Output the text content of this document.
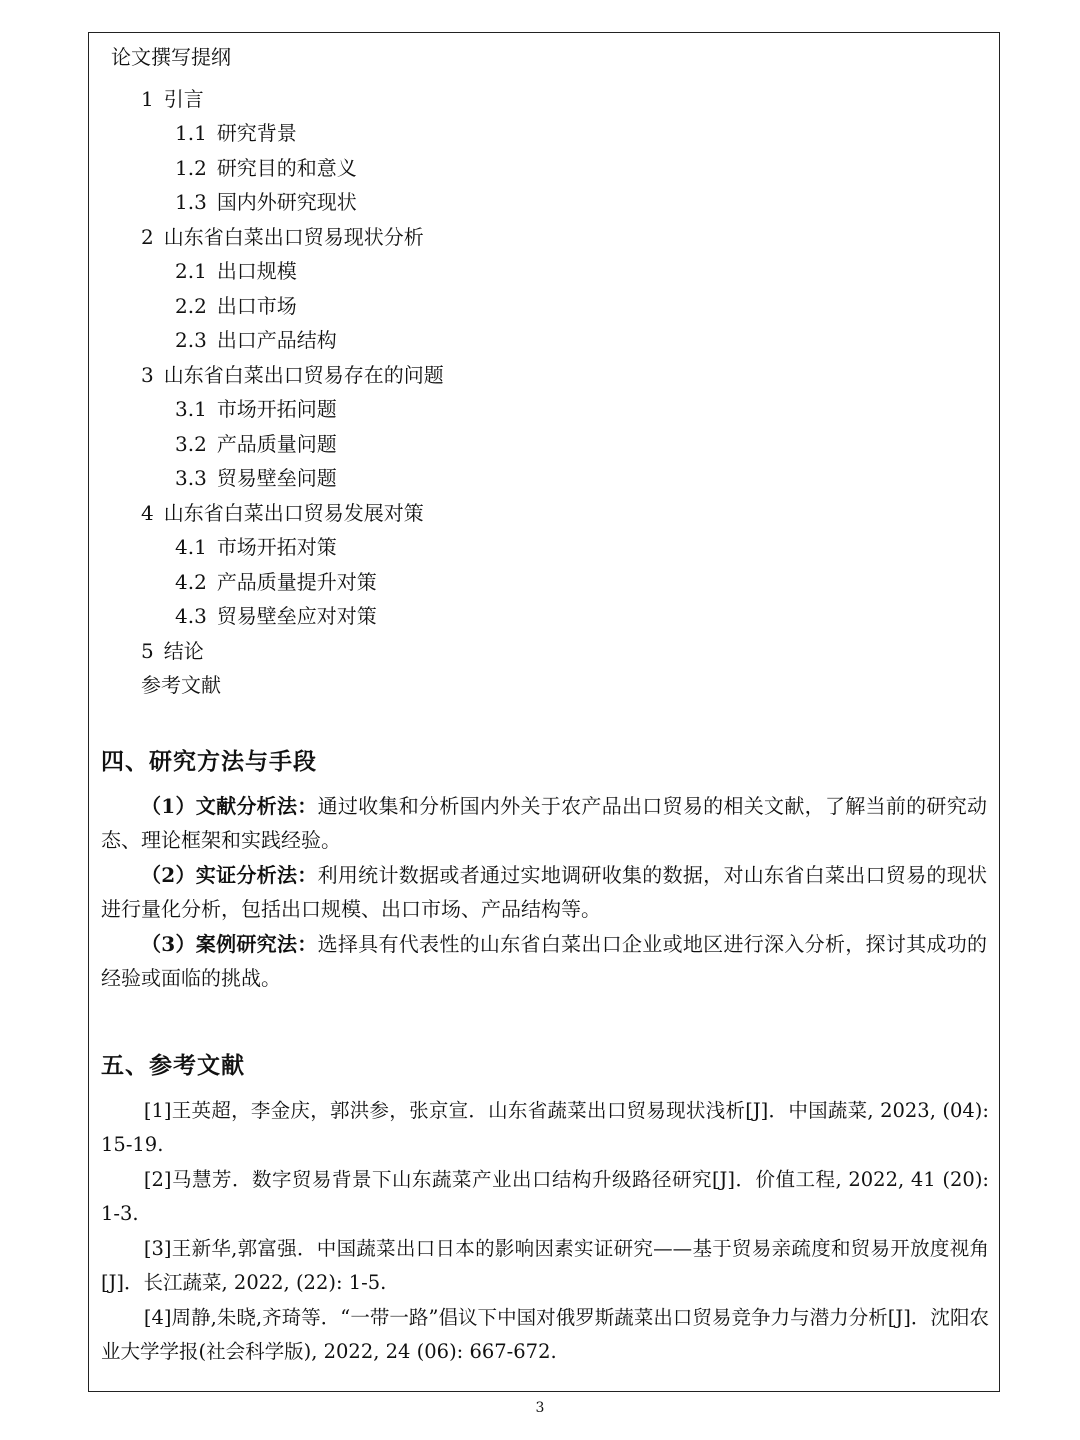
论文撰写提纲
1 引言
1.1 研究背景
1.2 研究目的和意义
1.3 国内外研究现状
2 山东省白菜出口贸易现状分析
2.1 出口规模
2.2 出口市场
2.3 出口产品结构
3 山东省白菜出口贸易存在的问题
3.1 市场开拓问题
3.2 产品质量问题
3.3 贸易壁垒问题
4 山东省白菜出口贸易发展对策
4.1 市场开拓对策
4.2 产品质量提升对策
4.3 贸易壁垒应对对策
5 结论
参考文献
四、研究方法与手段
（1）文献分析法：通过收集和分析国内外关于农产品出口贸易的相关文献，了解当前的研究动态、理论框架和实践经验。
（2）实证分析法：利用统计数据或者通过实地调研收集的数据，对山东省白菜出口贸易的现状进行量化分析，包括出口规模、出口市场、产品结构等。
（3）案例研究法：选择具有代表性的山东省白菜出口企业或地区进行深入分析，探讨其成功的经验或面临的挑战。
五、参考文献
[1]王英超，李金庆，郭洪参，张京宣．山东省蔬菜出口贸易现状浅析[J]．中国蔬菜, 2023, (04): 15-19.
[2]马慧芳．数字贸易背景下山东蔬菜产业出口结构升级路径研究[J]．价值工程, 2022, 41 (20): 1-3.
[3]王新华,郭富强．中国蔬菜出口日本的影响因素实证研究——基于贸易亲疏度和贸易开放度视角 [J]．长江蔬菜, 2022, (22): 1-5.
[4]周静,朱晓,齐琦等．“一带一路”倡议下中国对俄罗斯蔬菜出口贸易竞争力与潜力分析[J]．沈阳农业大学学报(社会科学版), 2022, 24 (06): 667-672.
3
